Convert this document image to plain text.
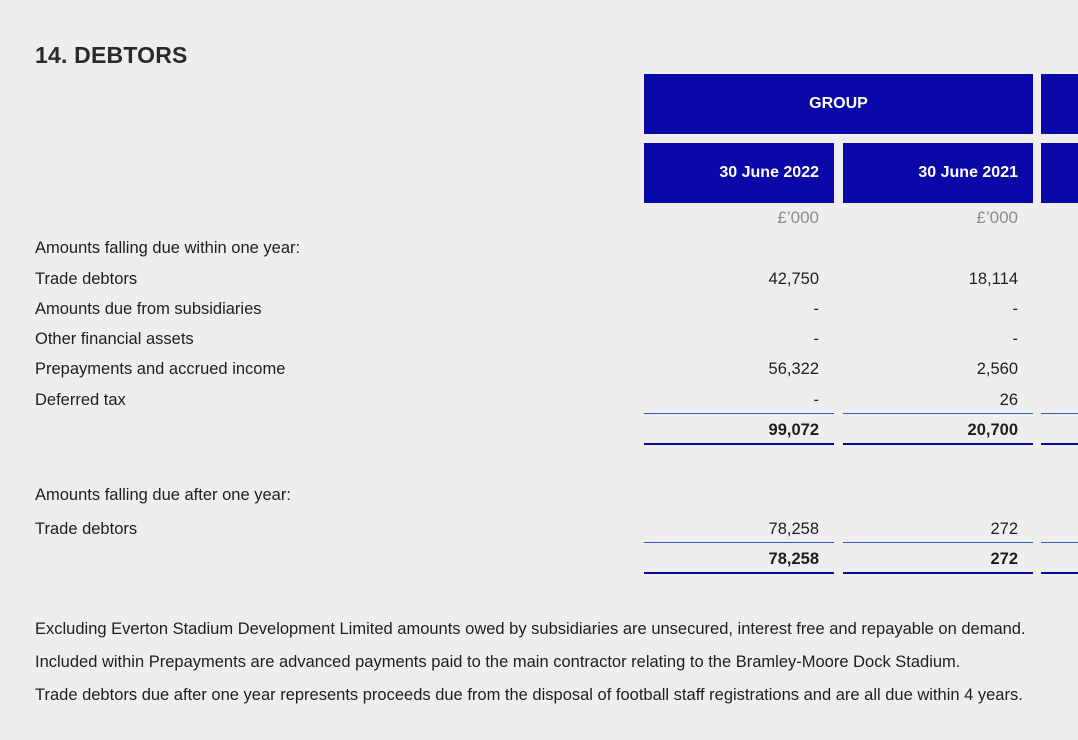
14. DEBTORS
GROUP
30 June 2022	30 June 2021
£’000	£’000
Amounts falling due within one year:
Trade debtors	42,750	18,114
Amounts due from subsidiaries	-	-
Other financial assets	-	-
Prepayments and accrued income	56,322	2,560
Deferred tax	-	26
99,072	20,700
Amounts falling due after one year:
Trade debtors	78,258	272
78,258	272
Excluding Everton Stadium Development Limited amounts owed by subsidiaries are unsecured, interest free and repayable on demand.
Included within Prepayments are advanced payments paid to the main contractor relating to the Bramley-Moore Dock Stadium.
Trade debtors due after one year represents proceeds due from the disposal of football staff registrations and are all due within 4 years.
